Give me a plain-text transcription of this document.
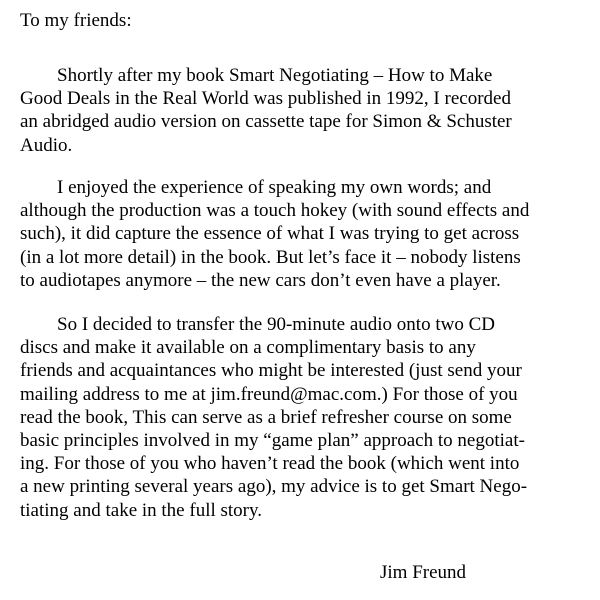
To my friends:

Shortly after my book Smart Negotiating – How to Make
Good Deals in the Real World was published in 1992, I recorded
an abridged audio version on cassette tape for Simon & Schuster
Audio.
I enjoyed the experience of speaking my own words; and
although the production was a touch hokey (with sound effects and
such), it did capture the essence of what I was trying to get across
(in a lot more detail) in the book. But let’s face it – nobody listens
to audiotapes anymore – the new cars don’t even have a player.
So I decided to transfer the 90-minute audio onto two CD
discs and make it available on a complimentary basis to any
friends and acquaintances who might be interested (just send your
mailing address to me at jim.freund@mac.com.) For those of you
read the book, This can serve as a brief refresher course on some
basic principles involved in my “game plan” approach to negotiat-
ing. For those of you who haven’t read the book (which went into
a new printing several years ago), my advice is to get Smart Nego-
tiating and take in the full story.

Jim Freund
